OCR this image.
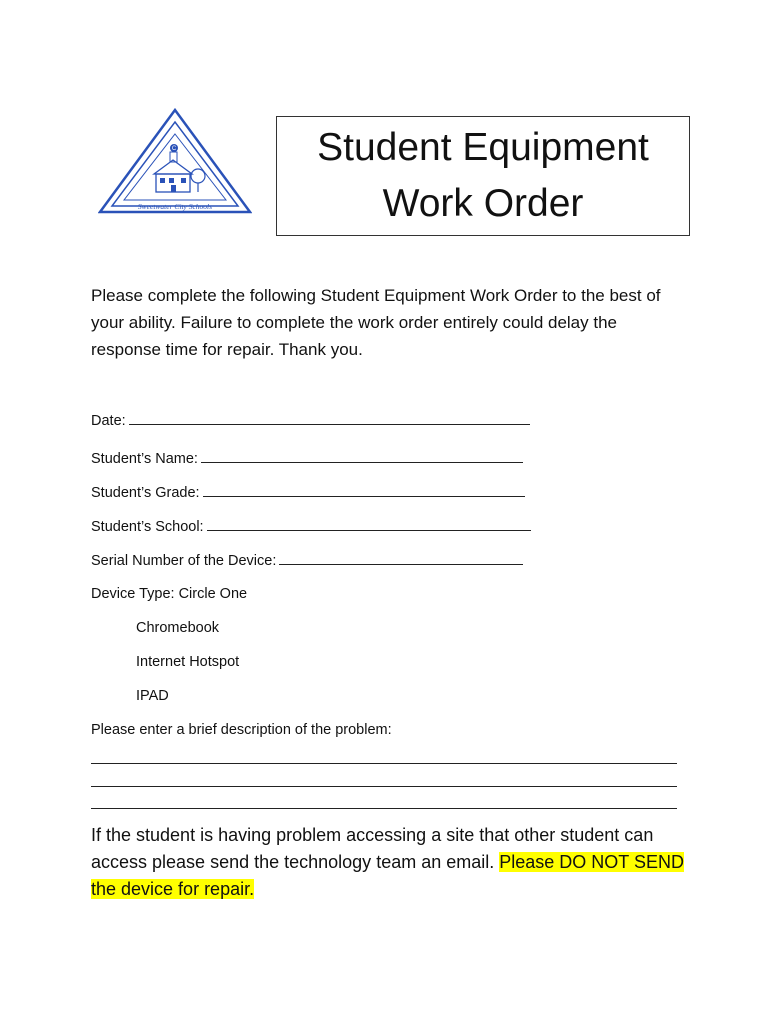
C
Sweetwater City Schools
Student Equipment
Work Order
Please complete the following Student Equipment Work Order to the best of your ability. Failure to complete the work order entirely could delay the response time for repair. Thank you.
Date:
Student’s Name:
Student’s Grade:
Student’s School:
Serial Number of the Device:
Device Type: Circle One
Chromebook
Internet Hotspot
IPAD
Please enter a brief description of the problem:
If the student is having problem accessing a site that other student can access please send the technology team an email. Please DO NOT SEND the device for repair.
